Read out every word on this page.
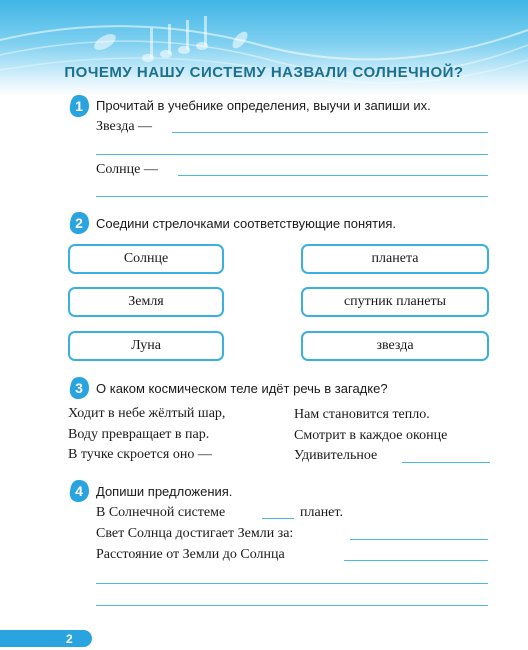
ПОЧЕМУ НАШУ СИСТЕМУ НАЗВАЛИ СОЛНЕЧНОЙ?
1 Прочитай в учебнике определения, выучи и запиши их.
Звезда —
Солнце —
2 Соедини стрелочками соответствующие понятия.
Солнце
Земля
Луна
планета
спутник планеты
звезда
3 О каком космическом теле идёт речь в загадке?
Ходит в небе жёлтый шар,
Воду превращает в пар.
В тучке скроется оно —
Нам становится тепло.
Смотрит в каждое оконце
Удивительное
4 Допиши предложения.
В Солнечной системе	планет.
Свет Солнца достигает Земли за:
Расстояние от Земли до Солнца
2
